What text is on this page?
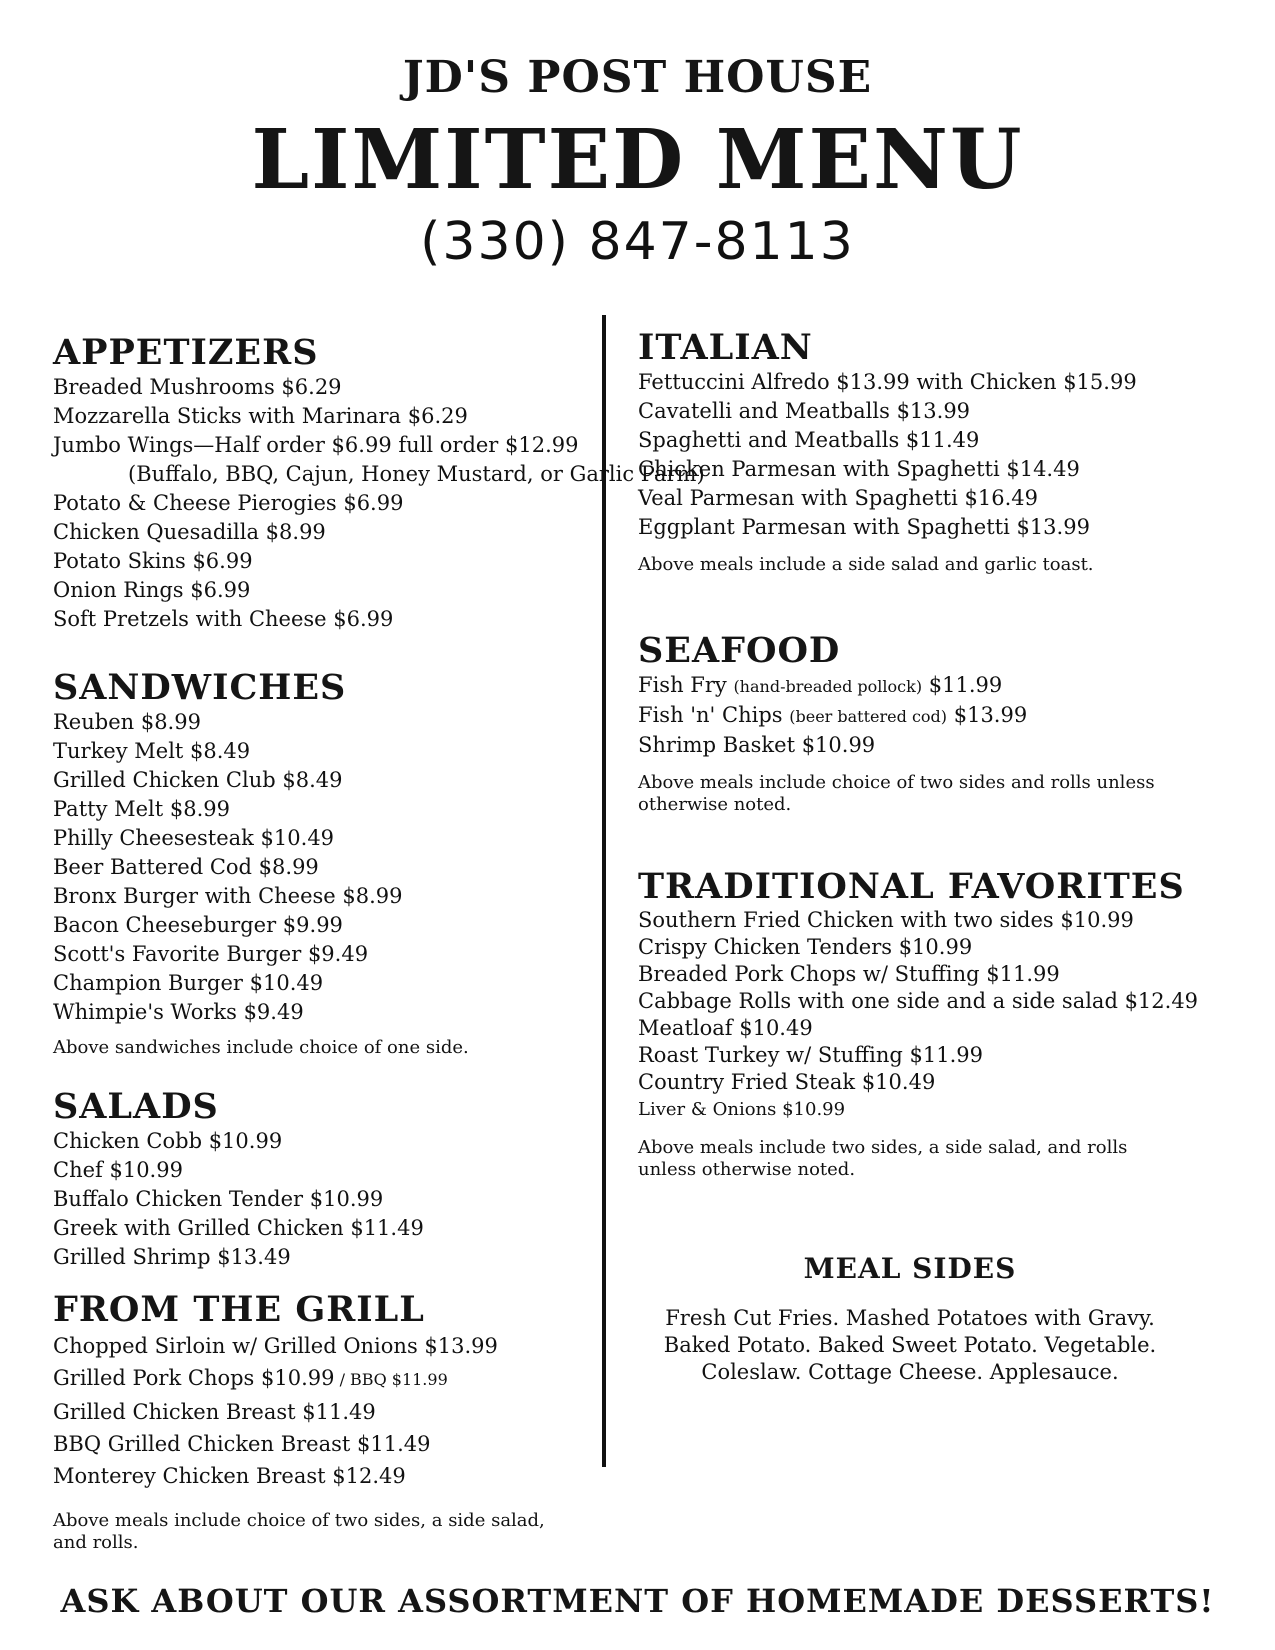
JD'S POST HOUSE
LIMITED MENU
(330) 847-8113
APPETIZERS
Breaded Mushrooms $6.29
Mozzarella Sticks with Marinara $6.29
Jumbo Wings—Half order $6.99 full order $12.99
(Buffalo, BBQ, Cajun, Honey Mustard, or Garlic Parm)
Potato & Cheese Pierogies $6.99
Chicken Quesadilla $8.99
Potato Skins $6.99
Onion Rings $6.99
Soft Pretzels with Cheese $6.99
SANDWICHES
Reuben $8.99
Turkey Melt $8.49
Grilled Chicken Club $8.49
Patty Melt $8.99
Philly Cheesesteak $10.49
Beer Battered Cod $8.99
Bronx Burger with Cheese $8.99
Bacon Cheeseburger $9.99
Scott's Favorite Burger $9.49
Champion Burger $10.49
Whimpie's Works $9.49
Above sandwiches include choice of one side.
SALADS
Chicken Cobb $10.99
Chef $10.99
Buffalo Chicken Tender $10.99
Greek with Grilled Chicken $11.49
Grilled Shrimp $13.49
FROM THE GRILL
Chopped Sirloin w/ Grilled Onions $13.99
Grilled Pork Chops $10.99 / BBQ $11.99
Grilled Chicken Breast $11.49
BBQ Grilled Chicken Breast $11.49
Monterey Chicken Breast $12.49
Above meals include choice of two sides, a side salad, and rolls.
ITALIAN
Fettuccini Alfredo $13.99 with Chicken $15.99
Cavatelli and Meatballs $13.99
Spaghetti and Meatballs $11.49
Chicken Parmesan with Spaghetti $14.49
Veal Parmesan with Spaghetti $16.49
Eggplant Parmesan with Spaghetti $13.99
Above meals include a side salad and garlic toast.
SEAFOOD
Fish Fry (hand-breaded pollock) $11.99
Fish 'n' Chips (beer battered cod) $13.99
Shrimp Basket $10.99
Above meals include choice of two sides and rolls unless otherwise noted.
TRADITIONAL FAVORITES
Southern Fried Chicken with two sides $10.99
Crispy Chicken Tenders $10.99
Breaded Pork Chops w/ Stuffing $11.99
Cabbage Rolls with one side and a side salad $12.49
Meatloaf $10.49
Roast Turkey w/ Stuffing $11.99
Country Fried Steak $10.49
Liver & Onions $10.99
Above meals include two sides, a side salad, and rolls unless otherwise noted.
MEAL SIDES
Fresh Cut Fries. Mashed Potatoes with Gravy.
Baked Potato. Baked Sweet Potato. Vegetable.
Coleslaw. Cottage Cheese. Applesauce.
ASK ABOUT OUR ASSORTMENT OF HOMEMADE DESSERTS!
